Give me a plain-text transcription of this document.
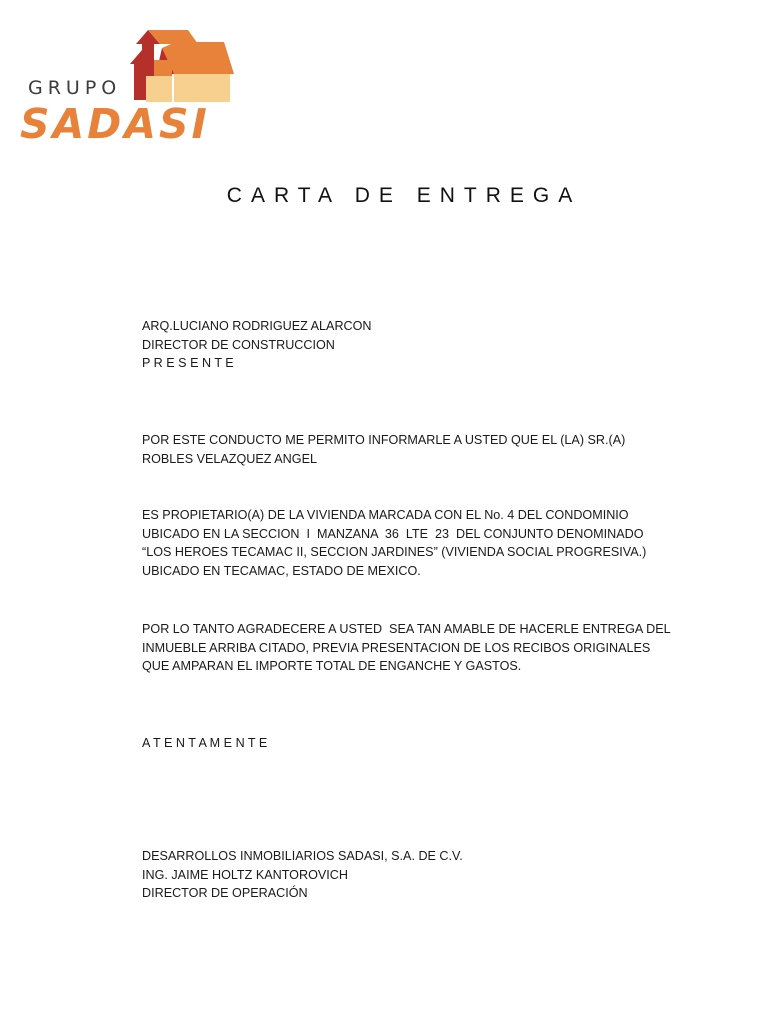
GRUPO
SADASI
CARTA DE ENTREGA
ARQ.LUCIANO RODRIGUEZ ALARCON
DIRECTOR DE CONSTRUCCION
P R E S E N T E
POR ESTE CONDUCTO ME PERMITO INFORMARLE A USTED QUE EL (LA) SR.(A)
ROBLES VELAZQUEZ ANGEL
ES PROPIETARIO(A) DE LA VIVIENDA MARCADA CON EL No. 4 DEL CONDOMINIO
UBICADO EN LA SECCION  I  MANZANA  36  LTE  23  DEL CONJUNTO DENOMINADO
“LOS HEROES TECAMAC II, SECCION JARDINES” (VIVIENDA SOCIAL PROGRESIVA.)
UBICADO EN TECAMAC, ESTADO DE MEXICO.
POR LO TANTO AGRADECERE A USTED  SEA TAN AMABLE DE HACERLE ENTREGA DEL
INMUEBLE ARRIBA CITADO, PREVIA PRESENTACION DE LOS RECIBOS ORIGINALES
QUE AMPARAN EL IMPORTE TOTAL DE ENGANCHE Y GASTOS.
A T E N T A M E N T E
DESARROLLOS INMOBILIARIOS SADASI, S.A. DE C.V.
ING. JAIME HOLTZ KANTOROVICH
DIRECTOR DE OPERACIÓN
